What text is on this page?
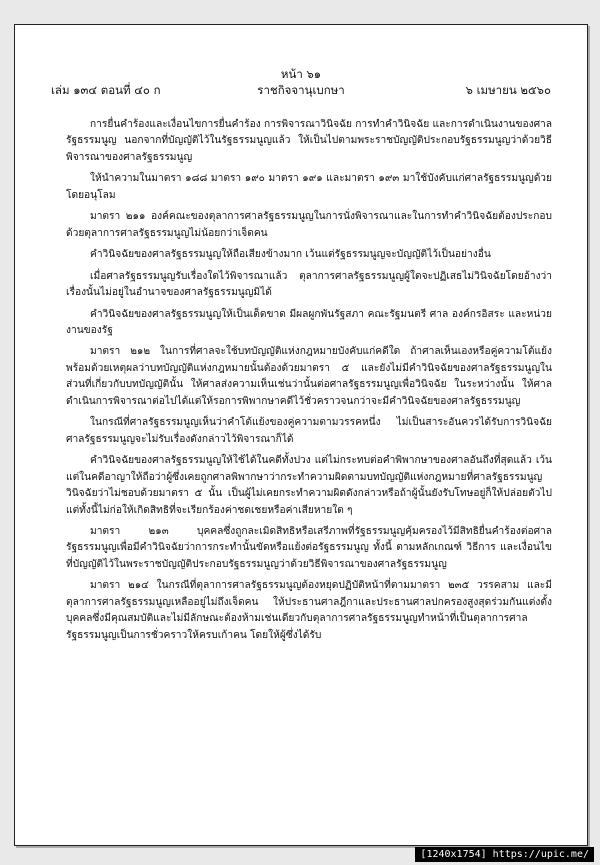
หน้า ๖๑
เล่ม ๑๓๔ ตอนที่ ๔๐ ก	ราชกิจจานุเบกษา	๖ เมษายน ๒๕๖๐

การยื่นคำร้องและเงื่อนไขการยื่นคำร้อง การพิจารณาวินิจฉัย การทำคำวินิจฉัย และการดำเนินงานของศาลรัฐธรรมนูญ นอกจากที่บัญญัติไว้ในรัฐธรรมนูญแล้ว ให้เป็นไปตามพระราชบัญญัติประกอบรัฐธรรมนูญว่าด้วยวิธีพิจารณาของศาลรัฐธรรมนูญ

ให้นำความในมาตรา ๑๘๘ มาตรา ๑๙๐ มาตรา ๑๙๑ และมาตรา ๑๙๓ มาใช้บังคับแก่ศาลรัฐธรรมนูญด้วยโดยอนุโลม

มาตรา ๒๑๑ องค์คณะของตุลาการศาลรัฐธรรมนูญในการนั่งพิจารณาและในการทำคำวินิจฉัยต้องประกอบด้วยตุลาการศาลรัฐธรรมนูญไม่น้อยกว่าเจ็ดคน

คำวินิจฉัยของศาลรัฐธรรมนูญให้ถือเสียงข้างมาก เว้นแต่รัฐธรรมนูญจะบัญญัติไว้เป็นอย่างอื่น

เมื่อศาลรัฐธรรมนูญรับเรื่องใดไว้พิจารณาแล้ว ตุลาการศาลรัฐธรรมนูญผู้ใดจะปฏิเสธไม่วินิจฉัยโดยอ้างว่าเรื่องนั้นไม่อยู่ในอำนาจของศาลรัฐธรรมนูญมิได้

คำวินิจฉัยของศาลรัฐธรรมนูญให้เป็นเด็ดขาด มีผลผูกพันรัฐสภา คณะรัฐมนตรี ศาล องค์กรอิสระ และหน่วยงานของรัฐ

มาตรา ๒๑๒ ในการที่ศาลจะใช้บทบัญญัติแห่งกฎหมายบังคับแก่คดีใด ถ้าศาลเห็นเองหรือคู่ความโต้แย้งพร้อมด้วยเหตุผลว่าบทบัญญัติแห่งกฎหมายนั้นต้องด้วยมาตรา ๕ และยังไม่มีคำวินิจฉัยของศาลรัฐธรรมนูญในส่วนที่เกี่ยวกับบทบัญญัตินั้น ให้ศาลส่งความเห็นเช่นว่านั้นต่อศาลรัฐธรรมนูญเพื่อวินิจฉัย ในระหว่างนั้น ให้ศาลดำเนินการพิจารณาต่อไปได้แต่ให้รอการพิพากษาคดีไว้ชั่วคราวจนกว่าจะมีคำวินิจฉัยของศาลรัฐธรรมนูญ

ในกรณีที่ศาลรัฐธรรมนูญเห็นว่าคำโต้แย้งของคู่ความตามวรรคหนึ่ง ไม่เป็นสาระอันควรได้รับการวินิจฉัย ศาลรัฐธรรมนูญจะไม่รับเรื่องดังกล่าวไว้พิจารณาก็ได้

คำวินิจฉัยของศาลรัฐธรรมนูญให้ใช้ได้ในคดีทั้งปวง แต่ไม่กระทบต่อคำพิพากษาของศาลอันถึงที่สุดแล้ว เว้นแต่ในคดีอาญาให้ถือว่าผู้ซึ่งเคยถูกศาลพิพากษาว่ากระทำความผิดตามบทบัญญัติแห่งกฎหมายที่ศาลรัฐธรรมนูญวินิจฉัยว่าไม่ชอบด้วยมาตรา ๕ นั้น เป็นผู้ไม่เคยกระทำความผิดดังกล่าวหรือถ้าผู้นั้นยังรับโทษอยู่ก็ให้ปล่อยตัวไป แต่ทั้งนี้ไม่ก่อให้เกิดสิทธิที่จะเรียกร้องค่าชดเชยหรือค่าเสียหายใด ๆ

มาตรา ๒๑๓ บุคคลซึ่งถูกละเมิดสิทธิหรือเสรีภาพที่รัฐธรรมนูญคุ้มครองไว้มีสิทธิยื่นคำร้องต่อศาลรัฐธรรมนูญเพื่อมีคำวินิจฉัยว่าการกระทำนั้นขัดหรือแย้งต่อรัฐธรรมนูญ ทั้งนี้ ตามหลักเกณฑ์ วิธีการ และเงื่อนไขที่บัญญัติไว้ในพระราชบัญญัติประกอบรัฐธรรมนูญว่าด้วยวิธีพิจารณาของศาลรัฐธรรมนูญ

มาตรา ๒๑๔ ในกรณีที่ตุลาการศาลรัฐธรรมนูญต้องหยุดปฏิบัติหน้าที่ตามมาตรา ๒๓๕ วรรคสาม และมีตุลาการศาลรัฐธรรมนูญเหลืออยู่ไม่ถึงเจ็ดคน ให้ประธานศาลฎีกาและประธานศาลปกครองสูงสุดร่วมกันแต่งตั้งบุคคลซึ่งมีคุณสมบัติและไม่มีลักษณะต้องห้ามเช่นเดียวกับตุลาการศาลรัฐธรรมนูญทำหน้าที่เป็นตุลาการศาลรัฐธรรมนูญเป็นการชั่วคราวให้ครบเก้าคน โดยให้ผู้ซึ่งได้รับ

[1240x1754] https://upic.me/
